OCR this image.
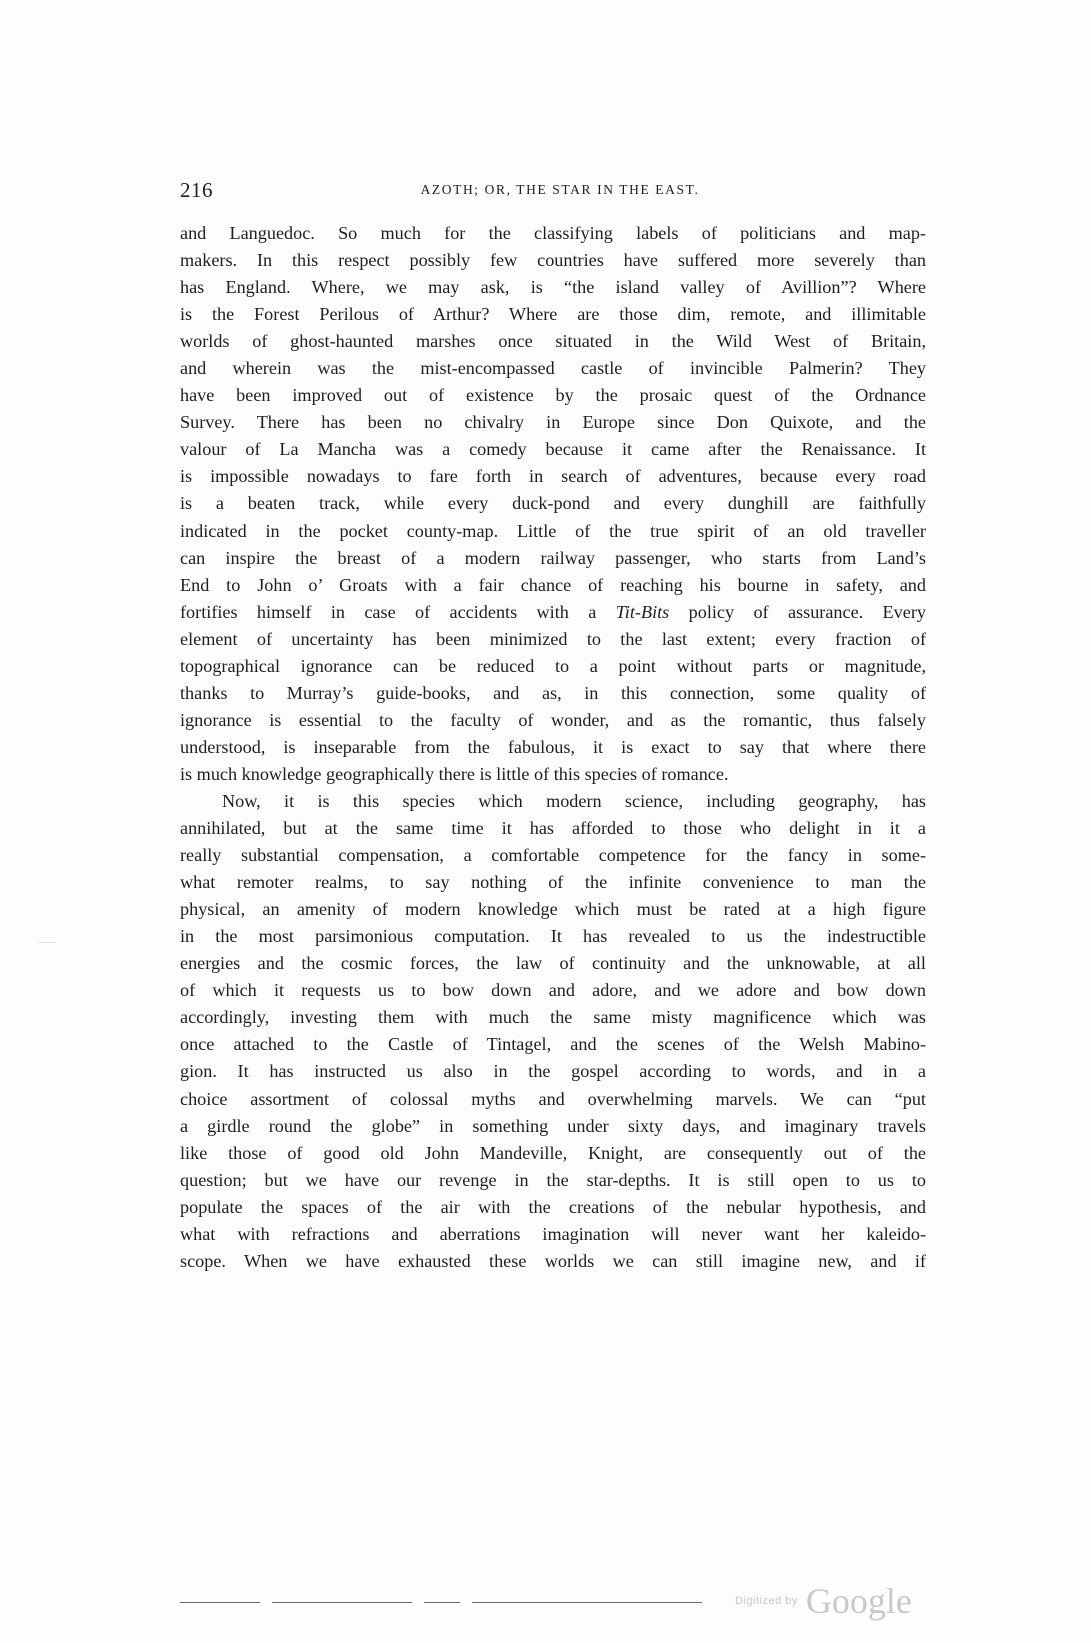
216	AZOTH; OR, THE STAR IN THE EAST.
and Languedoc. So much for the classifying labels of politicians and map-
makers. In this respect possibly few countries have suffered more severely than
has England. Where, we may ask, is “the island valley of Avillion”? Where
is the Forest Perilous of Arthur? Where are those dim, remote, and illimitable
worlds of ghost-haunted marshes once situated in the Wild West of Britain,
and wherein was the mist-encompassed castle of invincible Palmerin? They
have been improved out of existence by the prosaic quest of the Ordnance
Survey. There has been no chivalry in Europe since Don Quixote, and the
valour of La Mancha was a comedy because it came after the Renaissance. It
is impossible nowadays to fare forth in search of adventures, because every road
is a beaten track, while every duck-pond and every dunghill are faithfully
indicated in the pocket county-map. Little of the true spirit of an old traveller
can inspire the breast of a modern railway passenger, who starts from Land’s
End to John o’ Groats with a fair chance of reaching his bourne in safety, and
fortifies himself in case of accidents with a Tit-Bits policy of assurance. Every
element of uncertainty has been minimized to the last extent; every fraction of
topographical ignorance can be reduced to a point without parts or magnitude,
thanks to Murray’s guide-books, and as, in this connection, some quality of
ignorance is essential to the faculty of wonder, and as the romantic, thus falsely
understood, is inseparable from the fabulous, it is exact to say that where there
is much knowledge geographically there is little of this species of romance.
Now, it is this species which modern science, including geography, has
annihilated, but at the same time it has afforded to those who delight in it a
really substantial compensation, a comfortable competence for the fancy in some-
what remoter realms, to say nothing of the infinite convenience to man the
physical, an amenity of modern knowledge which must be rated at a high figure
in the most parsimonious computation. It has revealed to us the indestructible
energies and the cosmic forces, the law of continuity and the unknowable, at all
of which it requests us to bow down and adore, and we adore and bow down
accordingly, investing them with much the same misty magnificence which was
once attached to the Castle of Tintagel, and the scenes of the Welsh Mabino-
gion. It has instructed us also in the gospel according to words, and in a
choice assortment of colossal myths and overwhelming marvels. We can “put
a girdle round the globe” in something under sixty days, and imaginary travels
like those of good old John Mandeville, Knight, are consequently out of the
question; but we have our revenge in the star-depths. It is still open to us to
populate the spaces of the air with the creations of the nebular hypothesis, and
what with refractions and aberrations imagination will never want her kaleido-
scope. When we have exhausted these worlds we can still imagine new, and if
Digitized by Google
